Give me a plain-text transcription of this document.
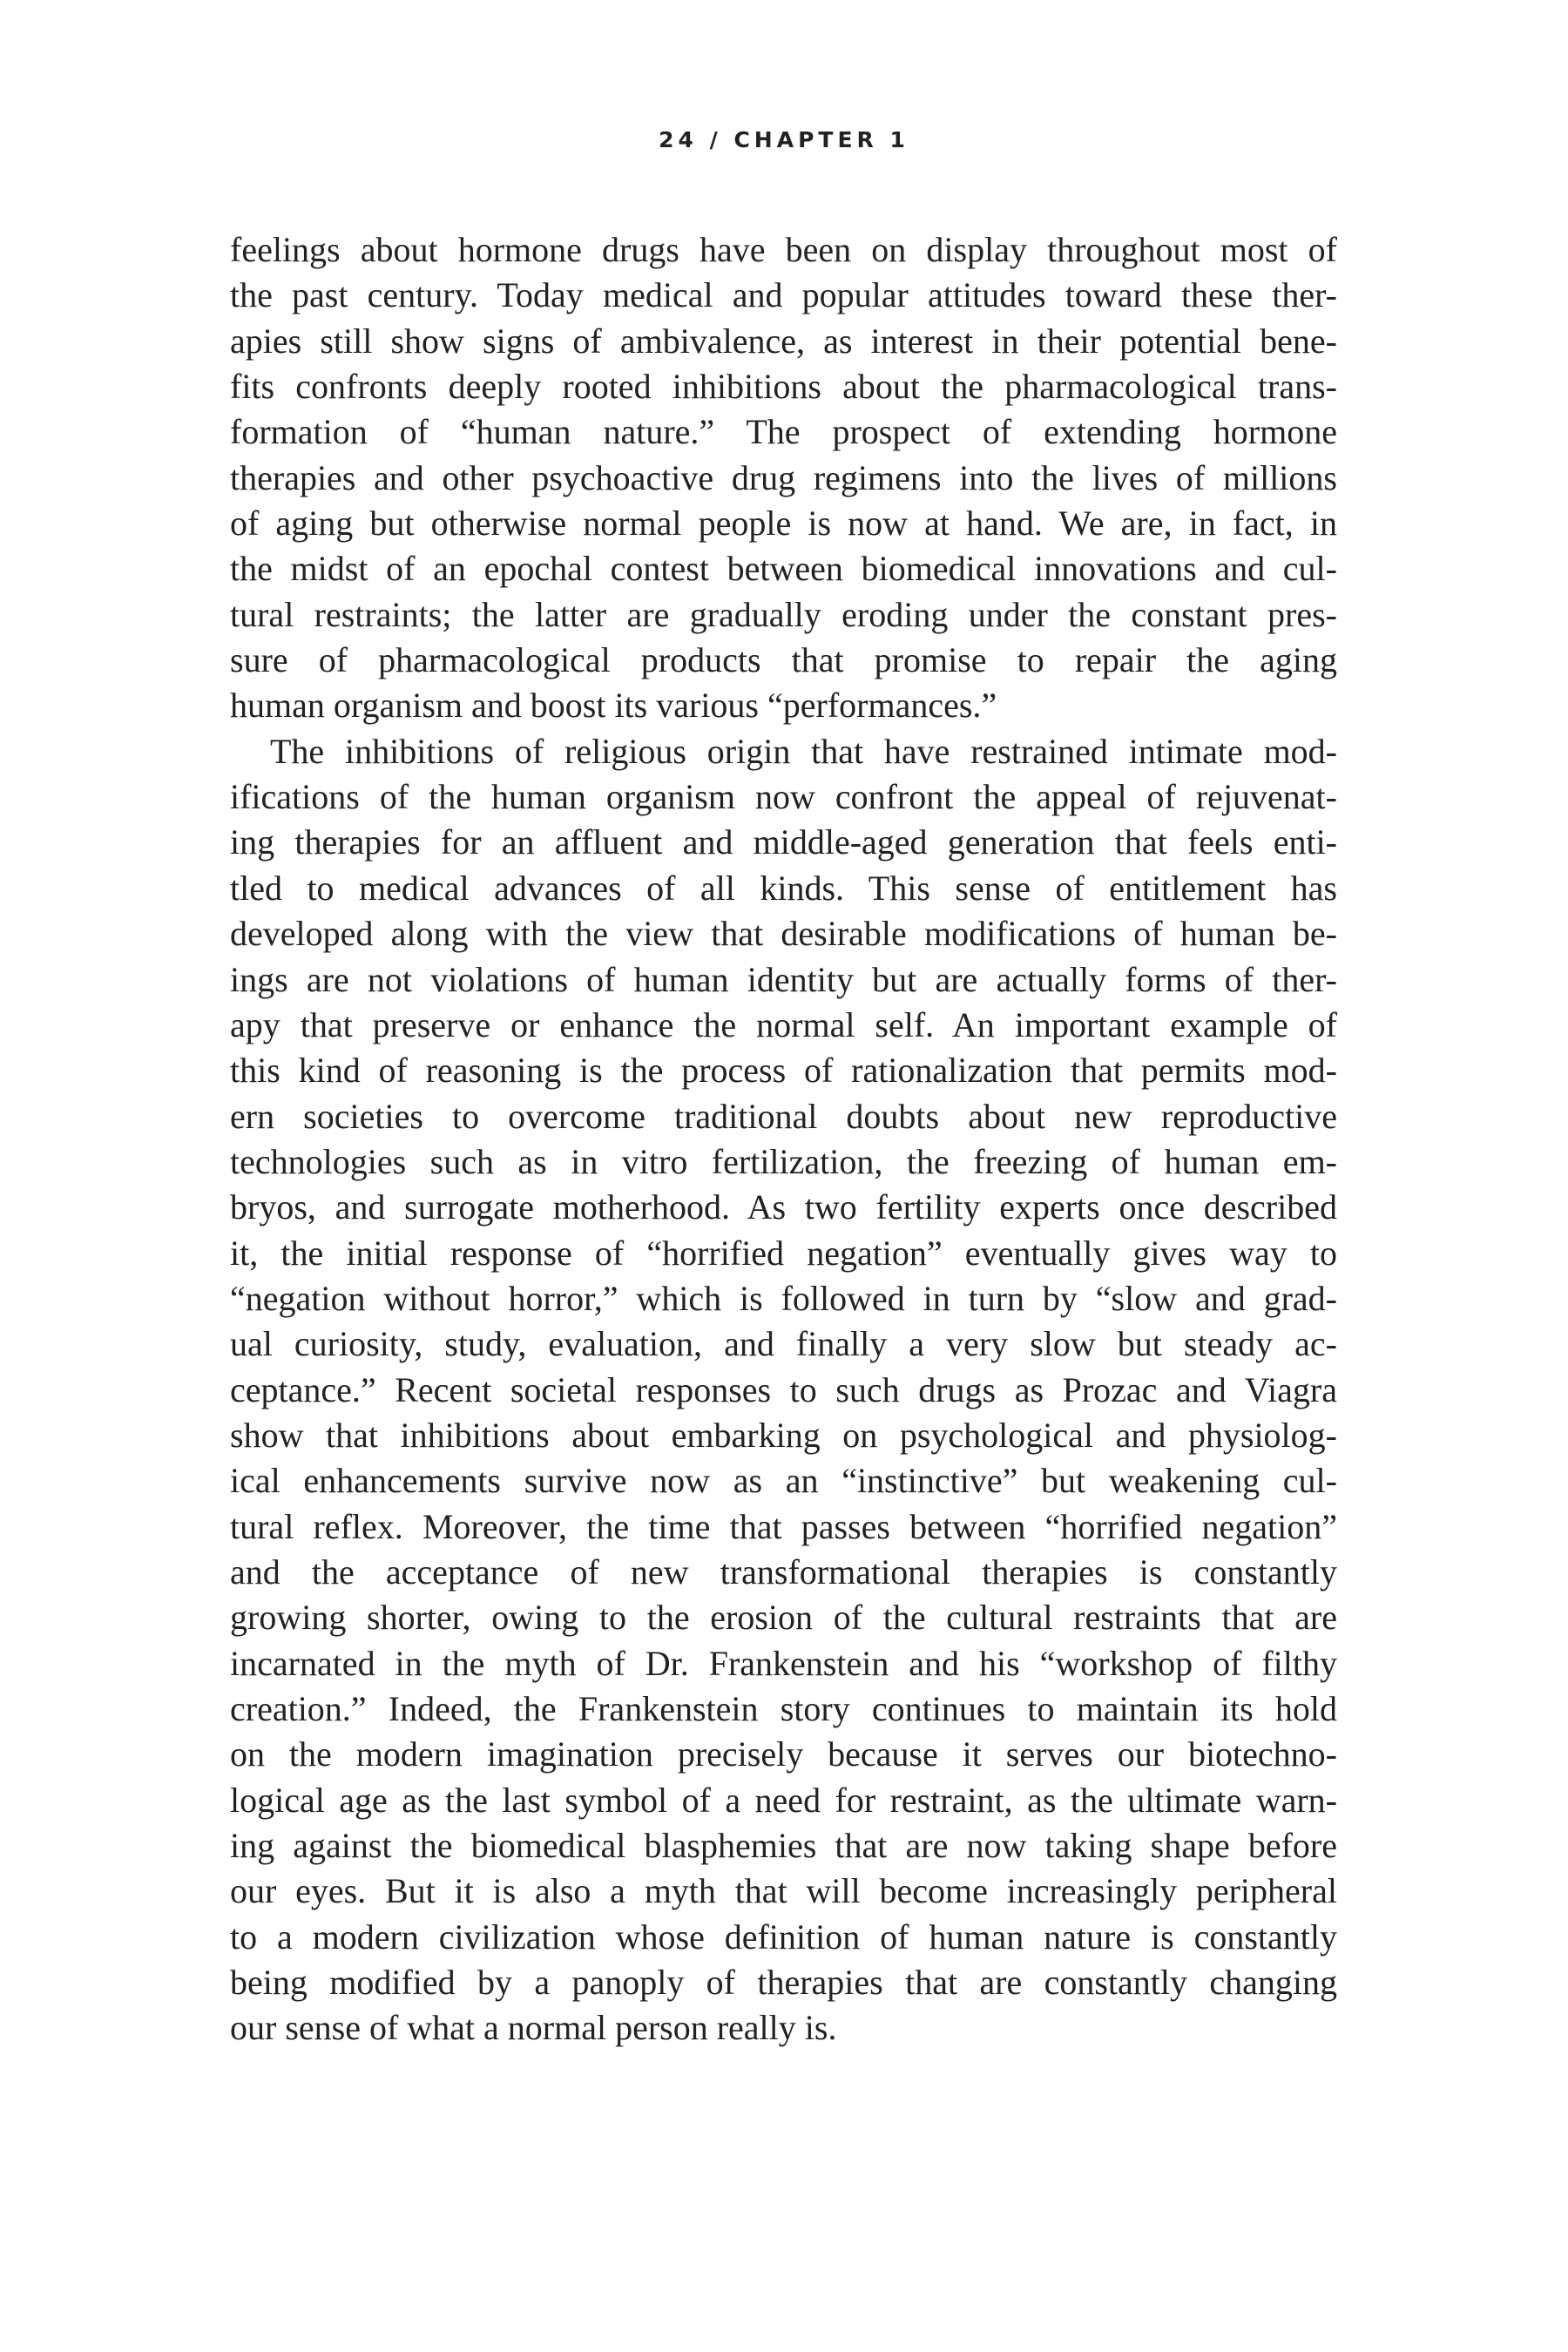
24 / CHAPTER 1
feelings about hormone drugs have been on display throughout most of
the past century. Today medical and popular attitudes toward these ther-
apies still show signs of ambivalence, as interest in their potential bene-
fits confronts deeply rooted inhibitions about the pharmacological trans-
formation of “human nature.” The prospect of extending hormone
therapies and other psychoactive drug regimens into the lives of millions
of aging but otherwise normal people is now at hand. We are, in fact, in
the midst of an epochal contest between biomedical innovations and cul-
tural restraints; the latter are gradually eroding under the constant pres-
sure of pharmacological products that promise to repair the aging
human organism and boost its various “performances.”
The inhibitions of religious origin that have restrained intimate mod-
ifications of the human organism now confront the appeal of rejuvenat-
ing therapies for an affluent and middle-aged generation that feels enti-
tled to medical advances of all kinds. This sense of entitlement has
developed along with the view that desirable modifications of human be-
ings are not violations of human identity but are actually forms of ther-
apy that preserve or enhance the normal self. An important example of
this kind of reasoning is the process of rationalization that permits mod-
ern societies to overcome traditional doubts about new reproductive
technologies such as in vitro fertilization, the freezing of human em-
bryos, and surrogate motherhood. As two fertility experts once described
it, the initial response of “horrified negation” eventually gives way to
“negation without horror,” which is followed in turn by “slow and grad-
ual curiosity, study, evaluation, and finally a very slow but steady ac-
ceptance.” Recent societal responses to such drugs as Prozac and Viagra
show that inhibitions about embarking on psychological and physiolog-
ical enhancements survive now as an “instinctive” but weakening cul-
tural reflex. Moreover, the time that passes between “horrified negation”
and the acceptance of new transformational therapies is constantly
growing shorter, owing to the erosion of the cultural restraints that are
incarnated in the myth of Dr. Frankenstein and his “workshop of filthy
creation.” Indeed, the Frankenstein story continues to maintain its hold
on the modern imagination precisely because it serves our biotechno-
logical age as the last symbol of a need for restraint, as the ultimate warn-
ing against the biomedical blasphemies that are now taking shape before
our eyes. But it is also a myth that will become increasingly peripheral
to a modern civilization whose definition of human nature is constantly
being modified by a panoply of therapies that are constantly changing
our sense of what a normal person really is.
